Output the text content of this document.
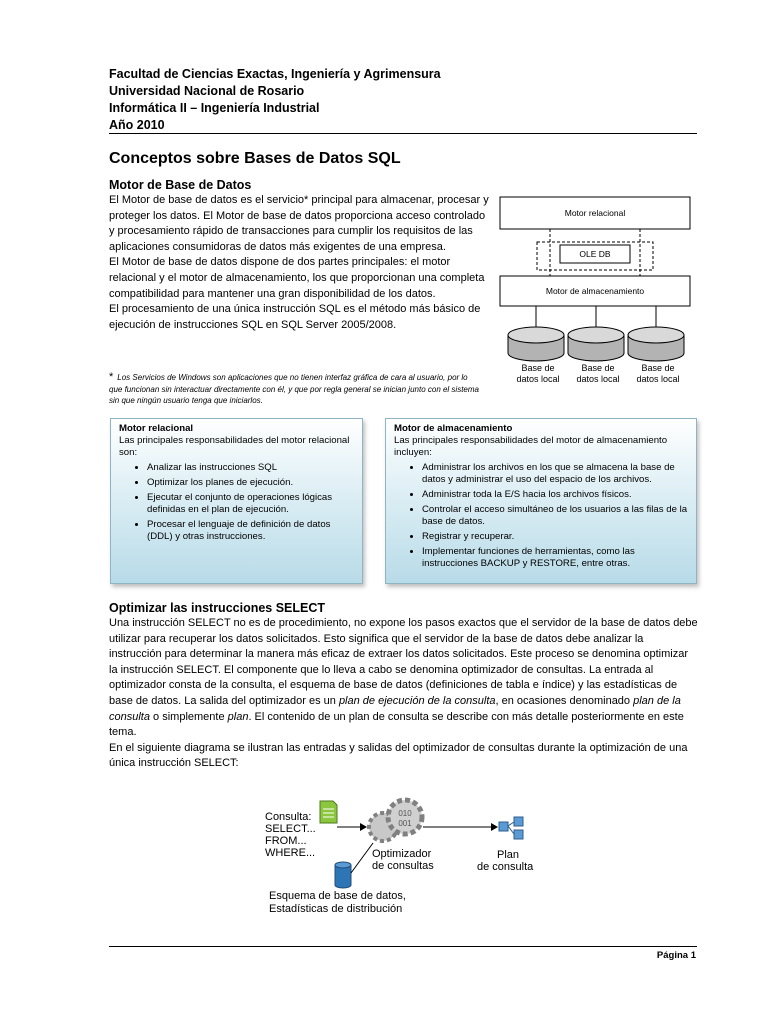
Facultad de Ciencias Exactas, Ingeniería y Agrimensura
Universidad Nacional de Rosario
Informática II – Ingeniería Industrial
Año 2010
Conceptos sobre Bases de Datos SQL
Motor de Base de Datos

El Motor de base de datos es el servicio* principal para almacenar, procesar y proteger los datos. El Motor de base de datos proporciona acceso controlado y procesamiento rápido de transacciones para cumplir los requisitos de las aplicaciones consumidoras de datos más exigentes de una empresa.

El Motor de base de datos dispone de dos partes principales: el motor relacional y el motor de almacenamiento, los que proporcionan una completa compatibilidad para mantener una gran disponibilidad de los datos.

El procesamiento de una única instrucción SQL es el método más básico de ejecución de instrucciones SQL en SQL Server 2005/2008.

Motor relacional
OLE DB
Motor de almacenamiento
Base de
datos local
Base de
datos local
Base de
datos local
* Los Servicios de Windows son aplicaciones que no tienen interfaz gráfica de cara al usuario, por lo que funcionan sin interactuar directamente con él, y que por regla general se inician junto con el sistema sin que ningún usuario tenga que iniciarlos.

Motor relacional

Las principales responsabilidades del motor relacional son:
• Analizar las instrucciones SQL
• Optimizar los planes de ejecución.
• Ejecutar el conjunto de operaciones lógicas definidas en el plan de ejecución.
• Procesar el lenguaje de definición de datos (DDL) y otras instrucciones.

Motor de almacenamiento

Las principales responsabilidades del motor de almacenamiento incluyen:
• Administrar los archivos en los que se almacena la base de datos y administrar el uso del espacio de los archivos.
• Administrar toda la E/S hacia los archivos físicos.
• Controlar el acceso simultáneo de los usuarios a las filas de la base de datos.
• Registrar y recuperar.
• Implementar funciones de herramientas, como las instrucciones BACKUP y RESTORE, entre otras.
Optimizar las instrucciones SELECT

Una instrucción SELECT no es de procedimiento, no expone los pasos exactos que el servidor de la base de datos debe utilizar para recuperar los datos solicitados. Esto significa que el servidor de la base de datos debe analizar la instrucción para determinar la manera más eficaz de extraer los datos solicitados. Este proceso se denomina optimizar la instrucción SELECT. El componente que lo lleva a cabo se denomina optimizador de consultas. La entrada al optimizador consta de la consulta, el esquema de base de datos (definiciones de tabla e índice) y las estadísticas de base de datos. La salida del optimizador es un plan de ejecución de la consulta, en ocasiones denominado plan de la consulta o simplemente plan. El contenido de un plan de consulta se describe con más detalle posteriormente en este tema.

En el siguiente diagrama se ilustran las entradas y salidas del optimizador de consultas durante la optimización de una única instrucción SELECT:

Consulta:
SELECT...
FROM...
WHERE...
010
001
Optimizador
de consultas
Plan
de consulta
Esquema de base de datos,
Estadísticas de distribución
Página 1
